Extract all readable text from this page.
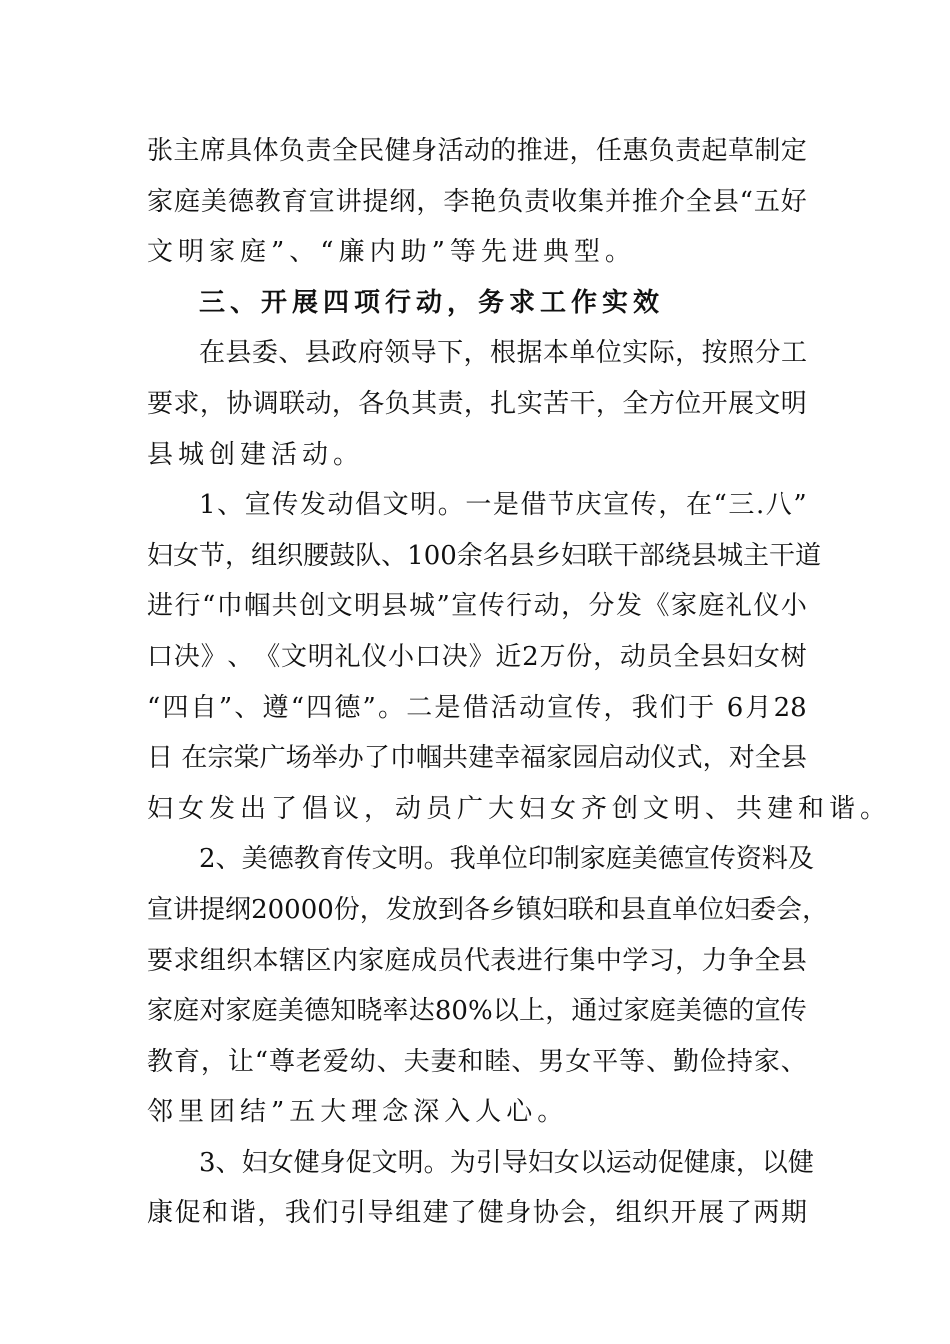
张 主 席 具 体 负 责 全 民 健 身 活 动 的 推 进 ， 任 惠 负 责 起 草 制 定
家 庭 美 德 教 育 宣 讲 提 纲 ， 李 艳 负 责 收 集 并 推 介 全 县 “ 五 好
文明家庭”、“廉内助”等先进典型。
三、开展四项行动，务求工作实效
在 县 委 、 县 政 府 领 导 下 ， 根 据 本 单 位 实 际 ， 按 照 分 工
要 求 ， 协 调 联 动 ， 各 负 其 责 ， 扎 实 苦 干 ， 全 方 位 开 展 文 明
县城创建活动。
1 、 宣 传 发 动 倡 文 明 。 一 是 借 节 庆 宣 传 ， 在 “ 三 . 八 ”
妇 女 节 ， 组 织 腰 鼓 队 、 100 余 名 县 乡 妇 联 干 部 绕 县 城 主 干 道
进 行 “ 巾 帼 共 创 文 明 县 城 ” 宣 传 行 动 ， 分 发 《 家 庭 礼 仪 小
口 决 》 、 《 文 明 礼 仪 小 口 决 》 近 2 万 份 ， 动 员 全 县 妇 女 树
“ 四 自 ” 、 遵 “ 四 德 ” 。 二 是 借 活 动 宣 传 ， 我 们 于
6 月 28
日
在 宗 棠 广 场 举 办 了 巾 帼 共 建 幸 福 家 园 启 动 仪 式 ， 对 全 县
妇女发出了倡议，动员广大妇女齐创文明、共建和谐。
2 、 美 德 教 育 传 文 明 。 我 单 位 印 制 家 庭 美 德 宣 传 资 料 及
宣 讲 提 纲 20000 份 ， 发 放 到 各 乡 镇 妇 联 和 县 直 单 位 妇 委 会 ，
要 求 组 织 本 辖 区 内 家 庭 成 员 代 表 进 行 集 中 学 习 ， 力 争 全 县
家 庭 对 家 庭 美 德 知 晓 率 达 80% 以 上 ， 通 过 家 庭 美 德 的 宣 传
教 育 ， 让 “ 尊 老 爱 幼 、 夫 妻 和 睦 、 男 女 平 等 、 勤 俭 持 家 、
邻里团结”五大理念深入人心。
3 、 妇 女 健 身 促 文 明 。 为 引 导 妇 女 以 运 动 促 健 康 ， 以 健
康 促 和 谐 ， 我 们 引 导 组 建 了 健 身 协 会 ， 组 织 开 展 了 两 期
